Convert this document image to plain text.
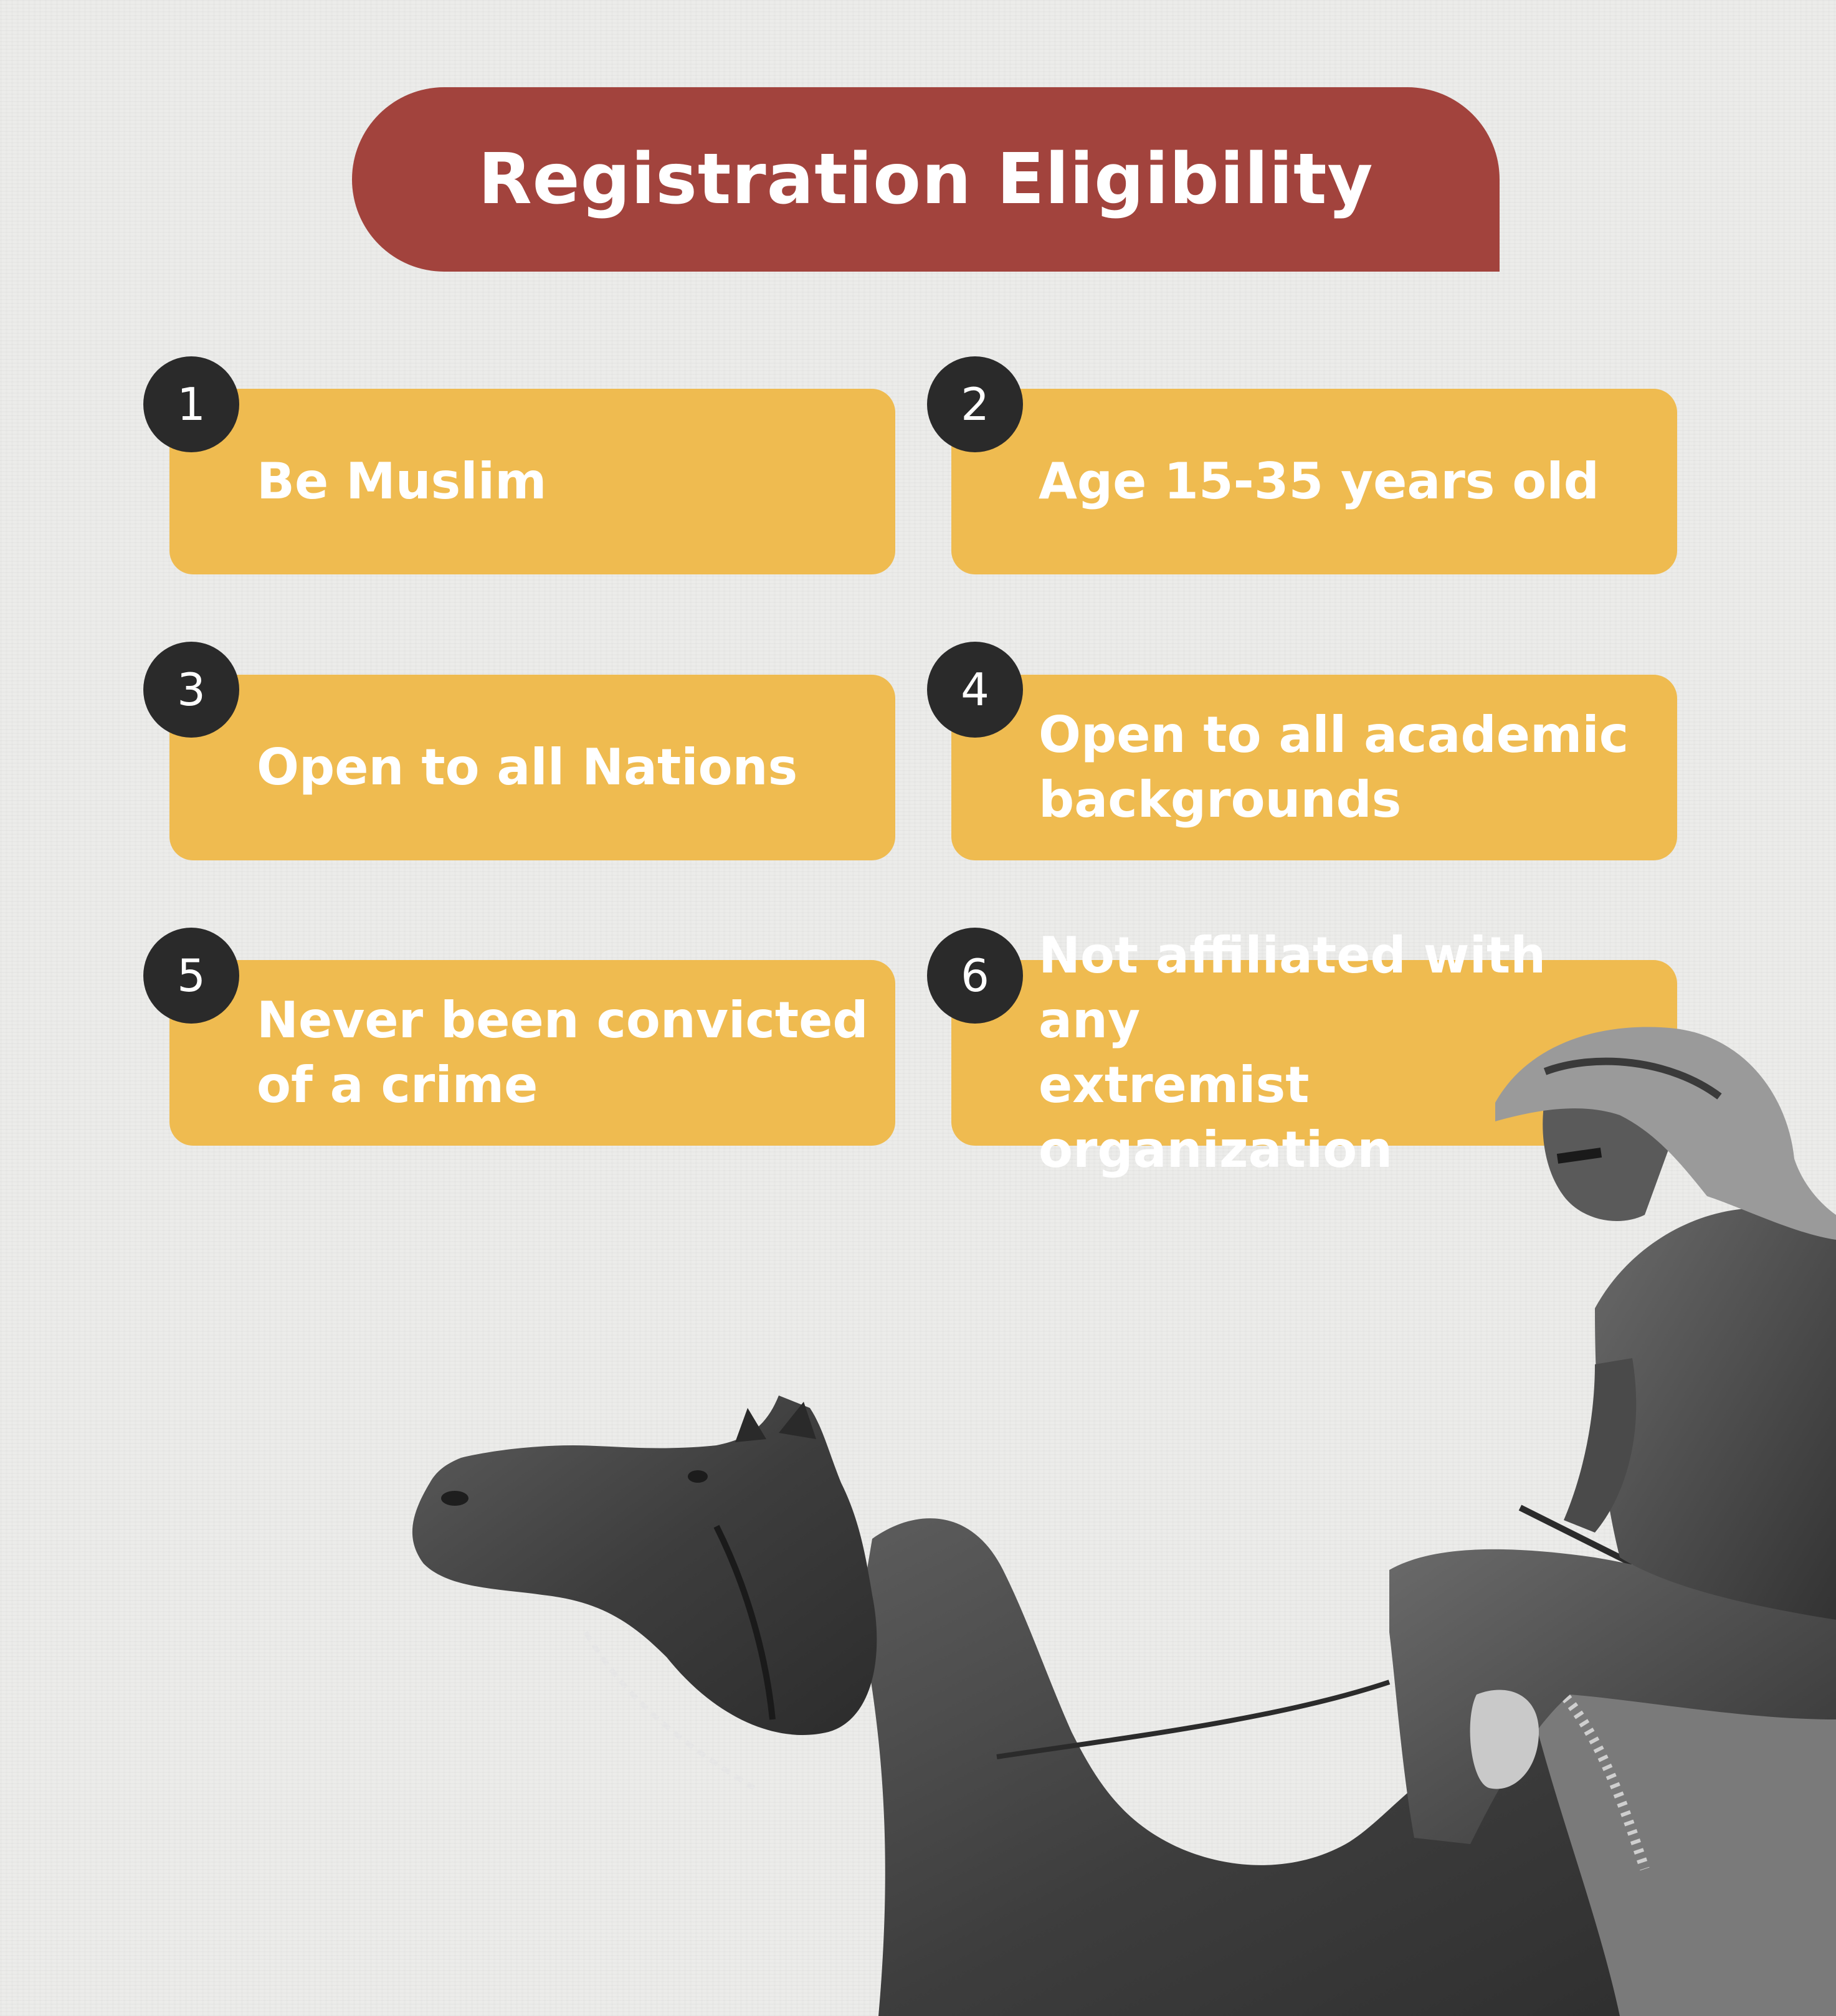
Registration Eligibility
Be Muslim
1
Age 15-35 years old
2
Open to all Nations
3
Open to all academic
backgrounds
4
Never been convicted
of a crime
5	Not affiliated with any
extremist organization
6
